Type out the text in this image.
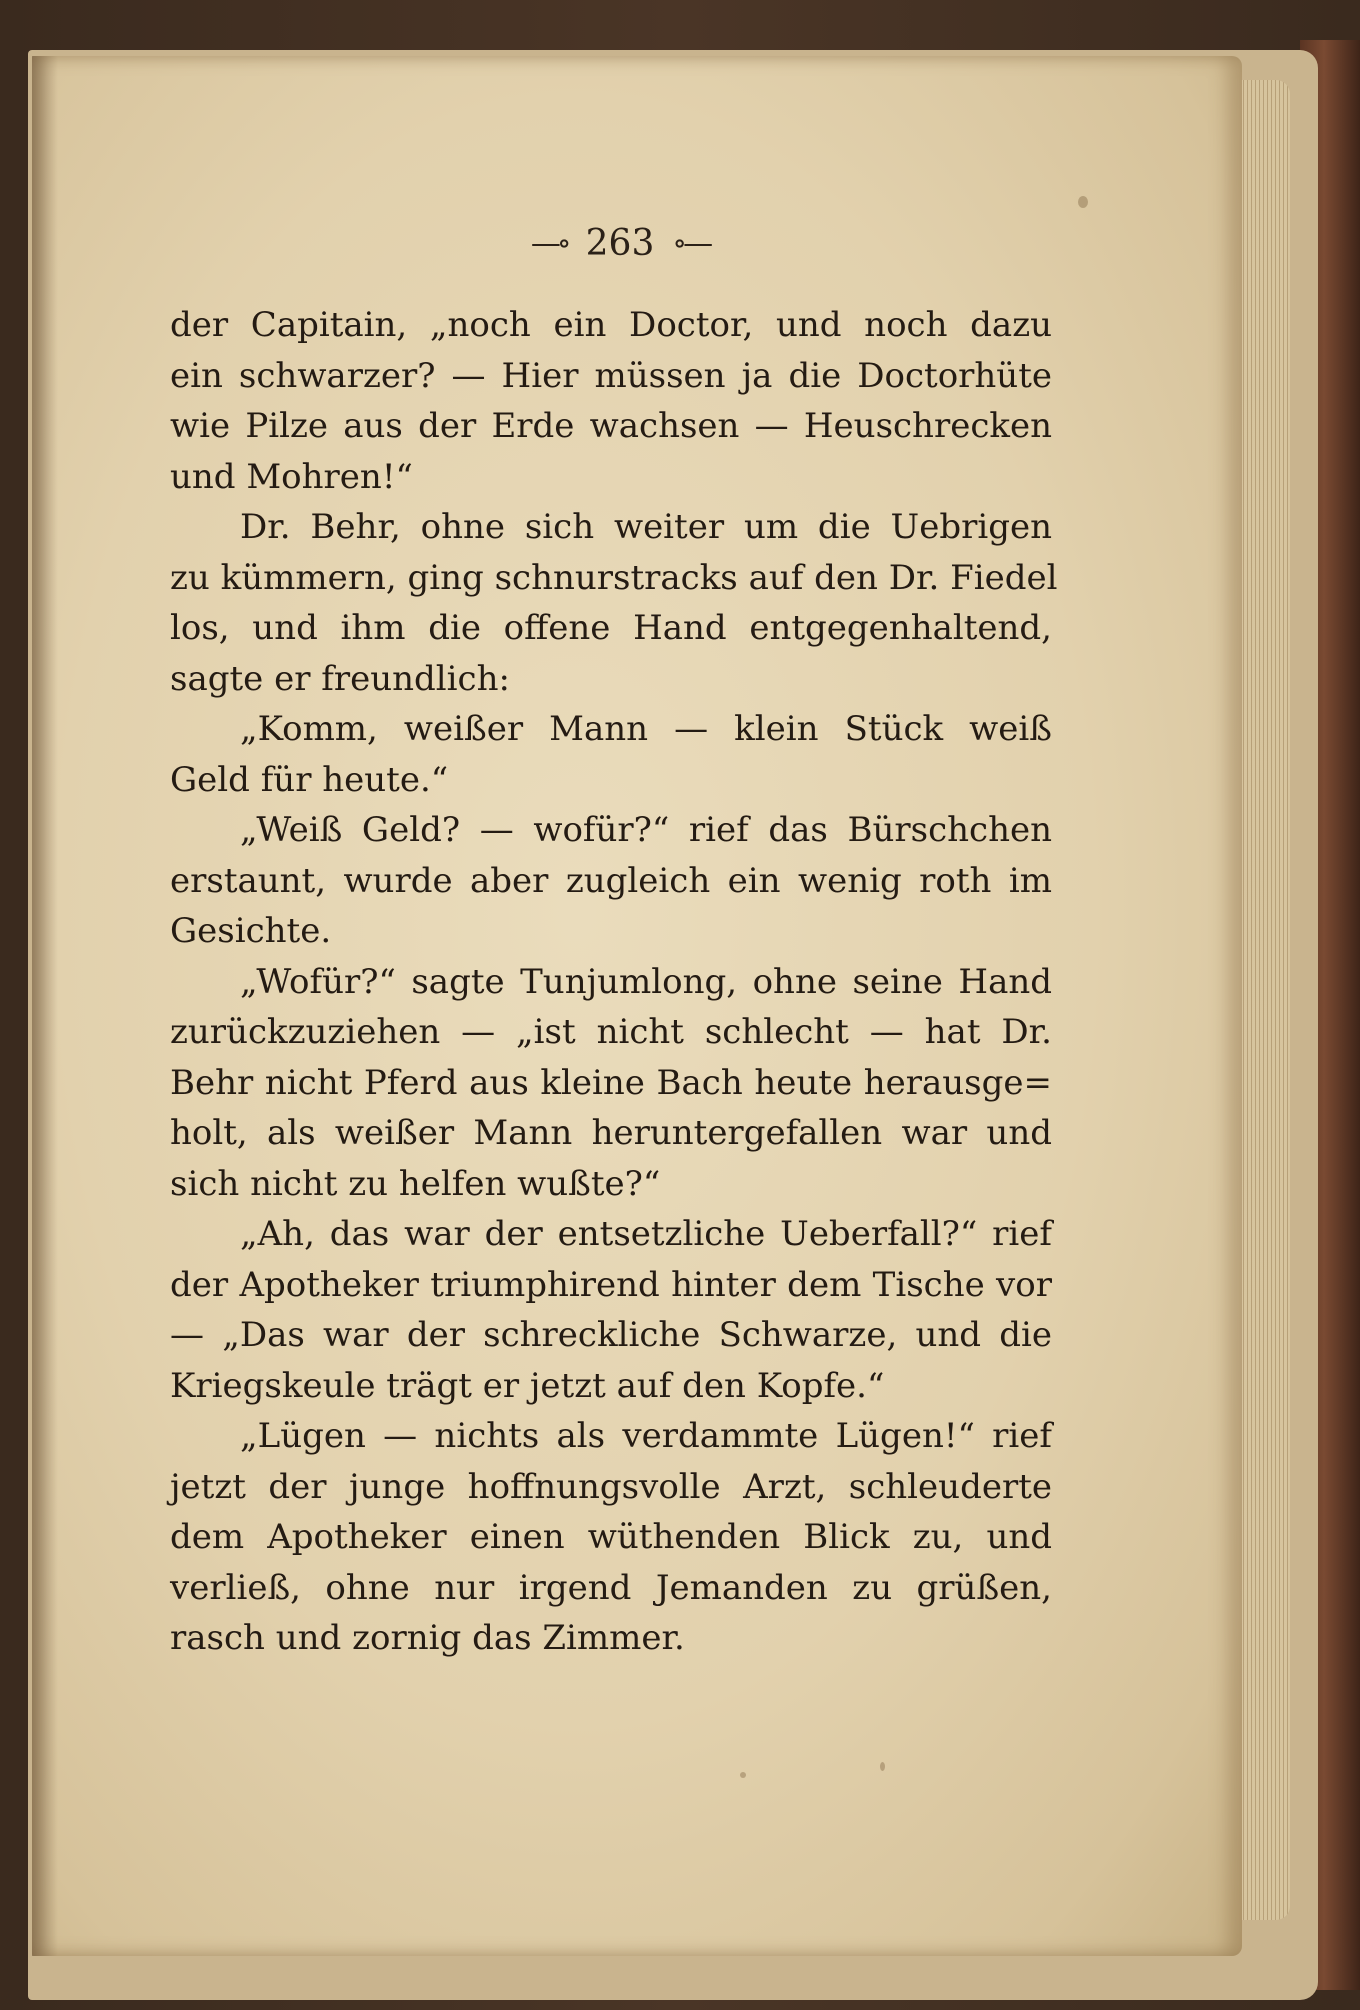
—∘ 263 ∘—
der Capitain, „noch ein Doctor, und noch dazu
ein schwarzer? — Hier müssen ja die Doctorhüte
wie Pilze aus der Erde wachsen — Heuschrecken
und Mohren!“
Dr. Behr, ohne sich weiter um die Uebrigen
zu kümmern, ging schnurstracks auf den Dr. Fiedel
los, und ihm die offene Hand entgegenhaltend,
sagte er freundlich:
„Komm, weißer Mann — klein Stück weiß
Geld für heute.“
„Weiß Geld? — wofür?“ rief das Bürschchen
erstaunt, wurde aber zugleich ein wenig roth im
Gesichte.
„Wofür?“ sagte Tunjumlong, ohne seine Hand
zurückzuziehen — „ist nicht schlecht — hat Dr.
Behr nicht Pferd aus kleine Bach heute herausge=
holt, als weißer Mann heruntergefallen war und
sich nicht zu helfen wußte?“
„Ah, das war der entsetzliche Ueberfall?“ rief
der Apotheker triumphirend hinter dem Tische vor
— „Das war der schreckliche Schwarze, und die
Kriegskeule trägt er jetzt auf den Kopfe.“
„Lügen — nichts als verdammte Lügen!“ rief
jetzt der junge hoffnungsvolle Arzt, schleuderte
dem Apotheker einen wüthenden Blick zu, und
verließ, ohne nur irgend Jemanden zu grüßen,
rasch und zornig das Zimmer.
